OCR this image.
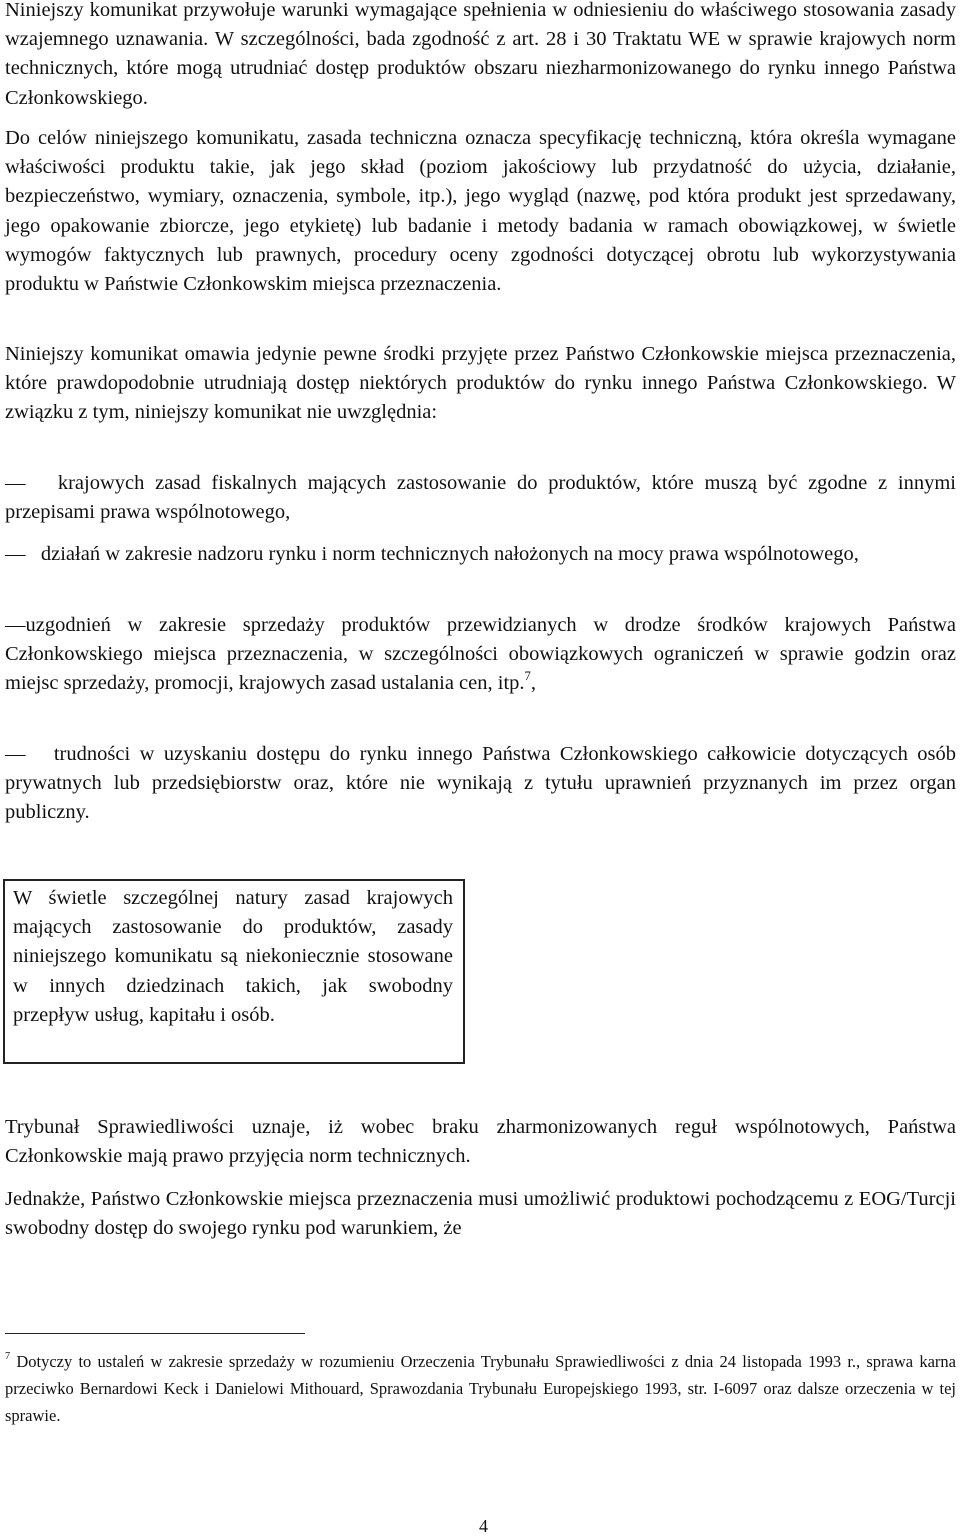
Niniejszy komunikat przywołuje warunki wymagające spełnienia w odniesieniu do właściwego stosowania zasady wzajemnego uznawania. W szczególności, bada zgodność z art. 28 i 30 Traktatu WE w sprawie krajowych norm technicznych, które mogą utrudniać dostęp produktów obszaru niezharmonizowanego do rynku innego Państwa Członkowskiego.

Do celów niniejszego komunikatu, zasada techniczna oznacza specyfikację techniczną, która określa wymagane właściwości produktu takie, jak jego skład (poziom jakościowy lub przydatność do użycia, działanie, bezpieczeństwo, wymiary, oznaczenia, symbole, itp.), jego wygląd (nazwę, pod która produkt jest sprzedawany, jego opakowanie zbiorcze, jego etykietę) lub badanie i metody badania w ramach obowiązkowej, w świetle wymogów faktycznych lub prawnych, procedury oceny zgodności dotyczącej obrotu lub wykorzystywania produktu w Państwie Członkowskim miejsca przeznaczenia.

Niniejszy komunikat omawia jedynie pewne środki przyjęte przez Państwo Członkowskie miejsca przeznaczenia, które prawdopodobnie utrudniają dostęp niektórych produktów do rynku innego Państwa Członkowskiego. W związku z tym, niniejszy komunikat nie uwzględnia:

— krajowych zasad fiskalnych mających zastosowanie do produktów, które muszą być zgodne z innymi przepisami prawa wspólnotowego,

— działań w zakresie nadzoru rynku i norm technicznych nałożonych na mocy prawa wspólnotowego,

—uzgodnień w zakresie sprzedaży produktów przewidzianych w drodze środków krajowych Państwa Członkowskiego miejsca przeznaczenia, w szczególności obowiązkowych ograniczeń w sprawie godzin oraz miejsc sprzedaży, promocji, krajowych zasad ustalania cen, itp.$^7$,

— trudności w uzyskaniu dostępu do rynku innego Państwa Członkowskiego całkowicie dotyczących osób prywatnych lub przedsiębiorstw oraz, które nie wynikają z tytułu uprawnień przyznanych im przez organ publiczny.

W świetle szczególnej natury zasad krajowych mających zastosowanie do produktów, zasady niniejszego komunikatu są niekoniecznie stosowane w innych dziedzinach takich, jak swobodny przepływ usług, kapitału i osób.

Trybunał Sprawiedliwości uznaje, iż wobec braku zharmonizowanych reguł wspólnotowych, Państwa Członkowskie mają prawo przyjęcia norm technicznych.

Jednakże, Państwo Członkowskie miejsca przeznaczenia musi umożliwić produktowi pochodzącemu z EOG/Turcji swobodny dostęp do swojego rynku pod warunkiem, że

$^7$ Dotyczy to ustaleń w zakresie sprzedaży w rozumieniu Orzeczenia Trybunału Sprawiedliwości z dnia 24 listopada 1993 r., sprawa karna przeciwko Bernardowi Keck i Danielowi Mithouard, Sprawozdania Trybunału Europejskiego 1993, str. I-6097 oraz dalsze orzeczenia w tej sprawie.

4
